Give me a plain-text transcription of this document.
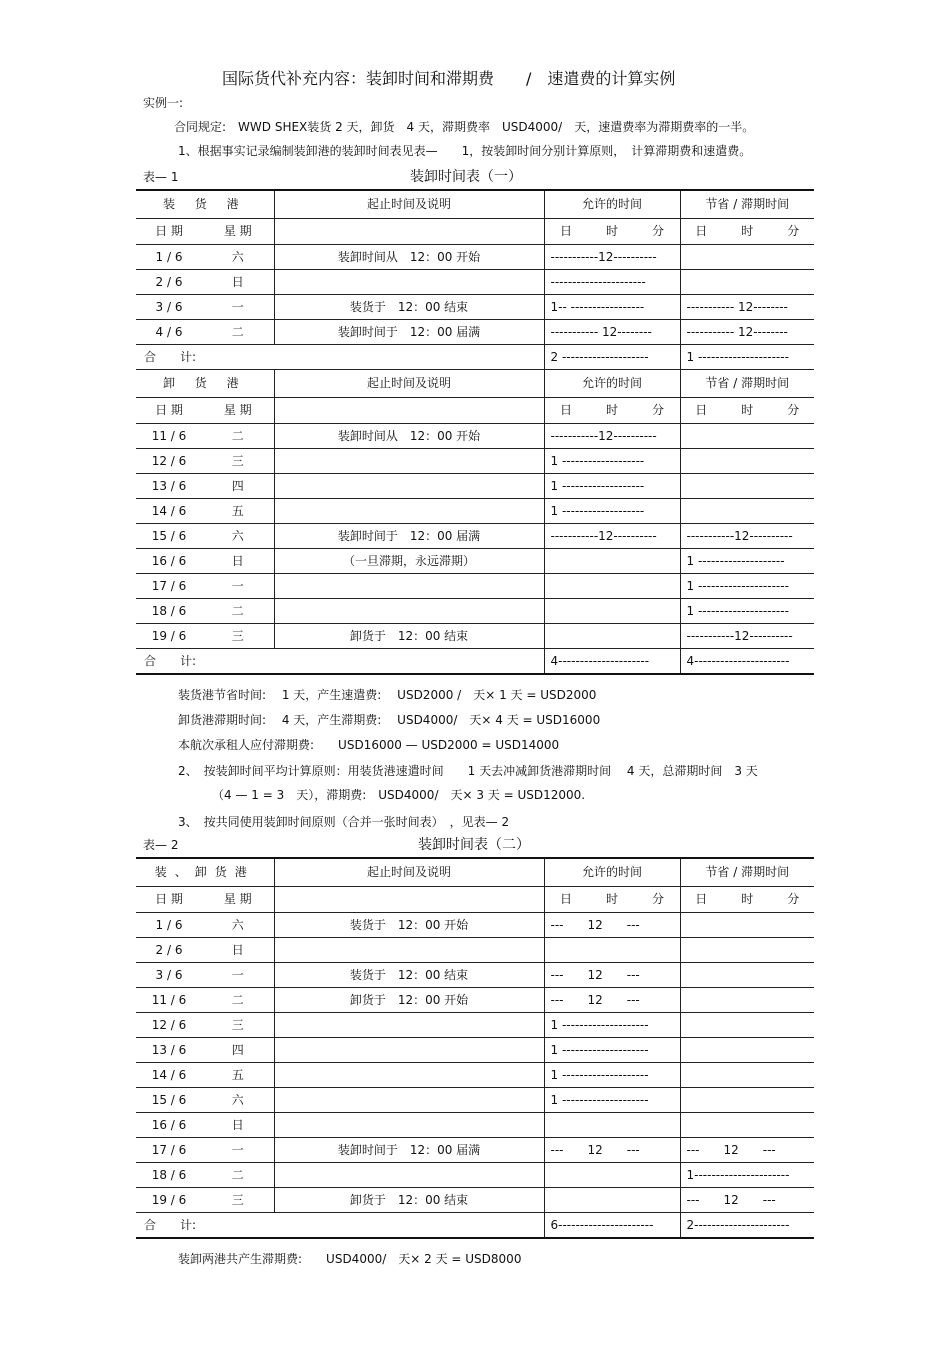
国际货代补充内容：装卸时间和滞期费　　/　速遣费的计算实例
实例一:
合同规定:　WWD SHEX装货 2 天，卸货　4 天，滞期费率　USD4000/　天，速遣费率为滞期费率的一半。
1、根据事实记录编制装卸港的装卸时间表见表—　　1，按装卸时间分别计算原则，　计算滞期费和速遣费。
表— 1	装卸时间表（一）
装 货 港		起止时间及说明	允许的时间	节省 / 滞期时间
日 期	星 期		日 时 分	日 时 分
1 / 6	六	装卸时间从　12：00 开始	-----------12----------	
2 / 6	日		----------------------	
3 / 6	一	装货于　12：00 结束	1-- -----------------	----------- 12--------
4 / 6	二	装卸时间于　12：00 届满	----------- 12--------	----------- 12--------
合　　计:			2 --------------------	1 ---------------------
卸 货 港		起止时间及说明	允许的时间	节省 / 滞期时间
日 期	星 期		日 时 分	日 时 分
11 / 6	二	装卸时间从　12：00 开始	-----------12----------	
12 / 6	三		1 -------------------	
13 / 6	四		1 -------------------	
14 / 6	五		1 -------------------	
15 / 6	六	装卸时间于　12：00 届满	-----------12----------	-----------12----------
16 / 6	日	（一旦滞期，永远滞期）		1 --------------------
17 / 6	一			1 ---------------------
18 / 6	二			1 ---------------------
19 / 6	三	卸货于　12：00 结束		-----------12----------
合　　计:			4---------------------	4----------------------
装货港节省时间:　 1 天，产生速遣费:　 USD2000 /　天× 1 天 = USD2000
卸货港滞期时间:　 4 天，产生滞期费:　 USD4000/　天× 4 天 = USD16000
本航次承租人应付滞期费:　　USD16000 — USD2000 = USD14000
2、　按装卸时间平均计算原则：用装货港速遣时间　　1 天去冲减卸货港滞期时间　 4 天，总滞期时间　3 天
（4 — 1 = 3　天），滞期费:　USD4000/　天× 3 天 = USD12000.
3、　按共同使用装卸时间原则（合并一张时间表）　，见表— 2
表— 2	装卸时间表（二）
装、卸货港		起止时间及说明	允许的时间	节省 / 滞期时间
日 期	星 期		日 时 分	日 时 分
1 / 6	六	装货于　12：00 开始	---　　12　　---	
2 / 6	日			
3 / 6	一	装货于　12：00 结束	---　　12　　---	
11 / 6	二	卸货于　12：00 开始	---　　12　　---	
12 / 6	三		1 --------------------	
13 / 6	四		1 --------------------	
14 / 6	五		1 --------------------	
15 / 6	六		1 --------------------	
16 / 6	日			
17 / 6	一	装卸时间于　12：00 届满	---　　12　　---	---　　12　　---
18 / 6	二			1----------------------
19 / 6	三	卸货于　12：00 结束		---　　12　　---
合　　计:			6----------------------	2----------------------
装卸两港共产生滞期费:　　USD4000/　天× 2 天 = USD8000
